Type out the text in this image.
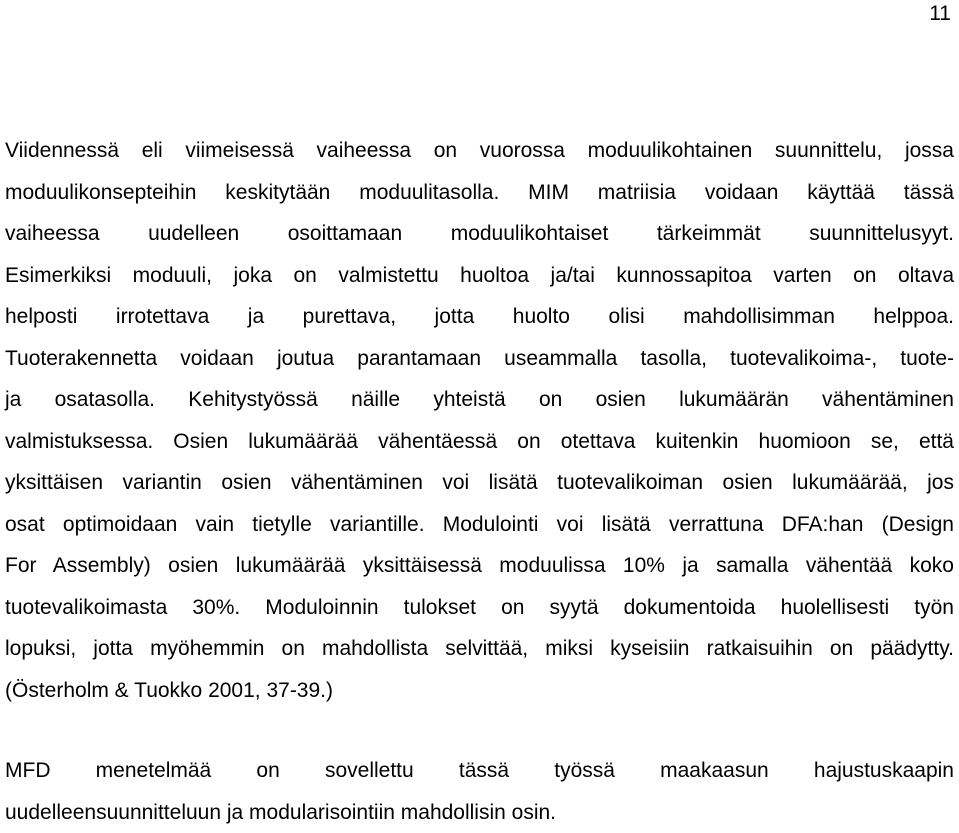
11
Viidennessä eli viimeisessä vaiheessa on vuorossa moduulikohtainen suunnittelu, jossa
moduulikonsepteihin keskitytään moduulitasolla. MIM matriisia voidaan käyttää tässä
vaiheessa uudelleen osoittamaan moduulikohtaiset tärkeimmät suunnittelusyyt.
Esimerkiksi moduuli, joka on valmistettu huoltoa ja/tai kunnossapitoa varten on oltava
helposti irrotettava ja purettava, jotta huolto olisi mahdollisimman helppoa.
Tuoterakennetta voidaan joutua parantamaan useammalla tasolla, tuotevalikoima-, tuote-
ja osatasolla. Kehitystyössä näille yhteistä on osien lukumäärän vähentäminen
valmistuksessa. Osien lukumäärää vähentäessä on otettava kuitenkin huomioon se, että
yksittäisen variantin osien vähentäminen voi lisätä tuotevalikoiman osien lukumäärää, jos
osat optimoidaan vain tietylle variantille. Modulointi voi lisätä verrattuna DFA:han (Design
For Assembly) osien lukumäärää yksittäisessä moduulissa 10% ja samalla vähentää koko
tuotevalikoimasta 30%. Moduloinnin tulokset on syytä dokumentoida huolellisesti työn
lopuksi, jotta myöhemmin on mahdollista selvittää, miksi kyseisiin ratkaisuihin on päädytty.
(Österholm & Tuokko 2001, 37-39.)
MFD menetelmää on sovellettu tässä työssä maakaasun hajustuskaapin
uudelleensuunnitteluun ja modularisointiin mahdollisin osin.
